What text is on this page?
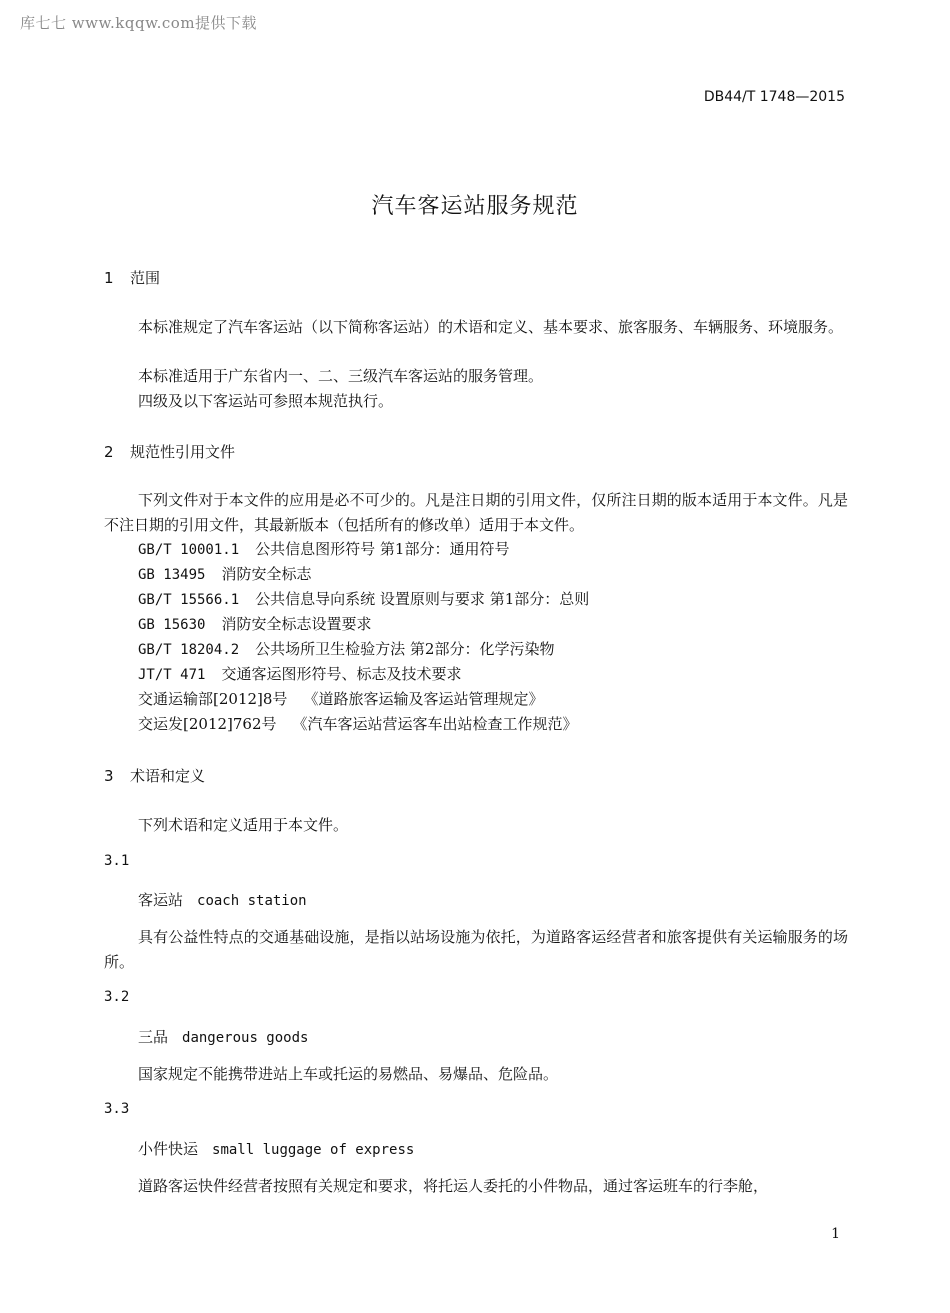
库七七 www.kqqw.com提供下载
DB44/T 1748—2015
汽车客运站服务规范
1 范围
本标准规定了汽车客运站（以下简称客运站）的术语和定义、基本要求、旅客服务、车辆服务、环境服务。
本标准适用于广东省内一、二、三级汽车客运站的服务管理。
四级及以下客运站可参照本规范执行。
2 规范性引用文件
下列文件对于本文件的应用是必不可少的。凡是注日期的引用文件，仅所注日期的版本适用于本文件。凡是不注日期的引用文件，其最新版本（包括所有的修改单）适用于本文件。
GB/T 10001.1 公共信息图形符号 第1部分：通用符号
GB 13495 消防安全标志
GB/T 15566.1 公共信息导向系统 设置原则与要求 第1部分：总则
GB 15630 消防安全标志设置要求
GB/T 18204.2 公共场所卫生检验方法 第2部分：化学污染物
JT/T 471 交通客运图形符号、标志及技术要求
交通运输部[2012]8号 《道路旅客运输及客运站管理规定》
交运发[2012]762号 《汽车客运站营运客车出站检查工作规范》
3 术语和定义
下列术语和定义适用于本文件。
3.1
客运站 coach station
具有公益性特点的交通基础设施，是指以站场设施为依托，为道路客运经营者和旅客提供有关运输服务的场所。
3.2
三品 dangerous goods
国家规定不能携带进站上车或托运的易燃品、易爆品、危险品。
3.3
小件快运 small luggage of express
道路客运快件经营者按照有关规定和要求，将托运人委托的小件物品，通过客运班车的行李舱，
1
